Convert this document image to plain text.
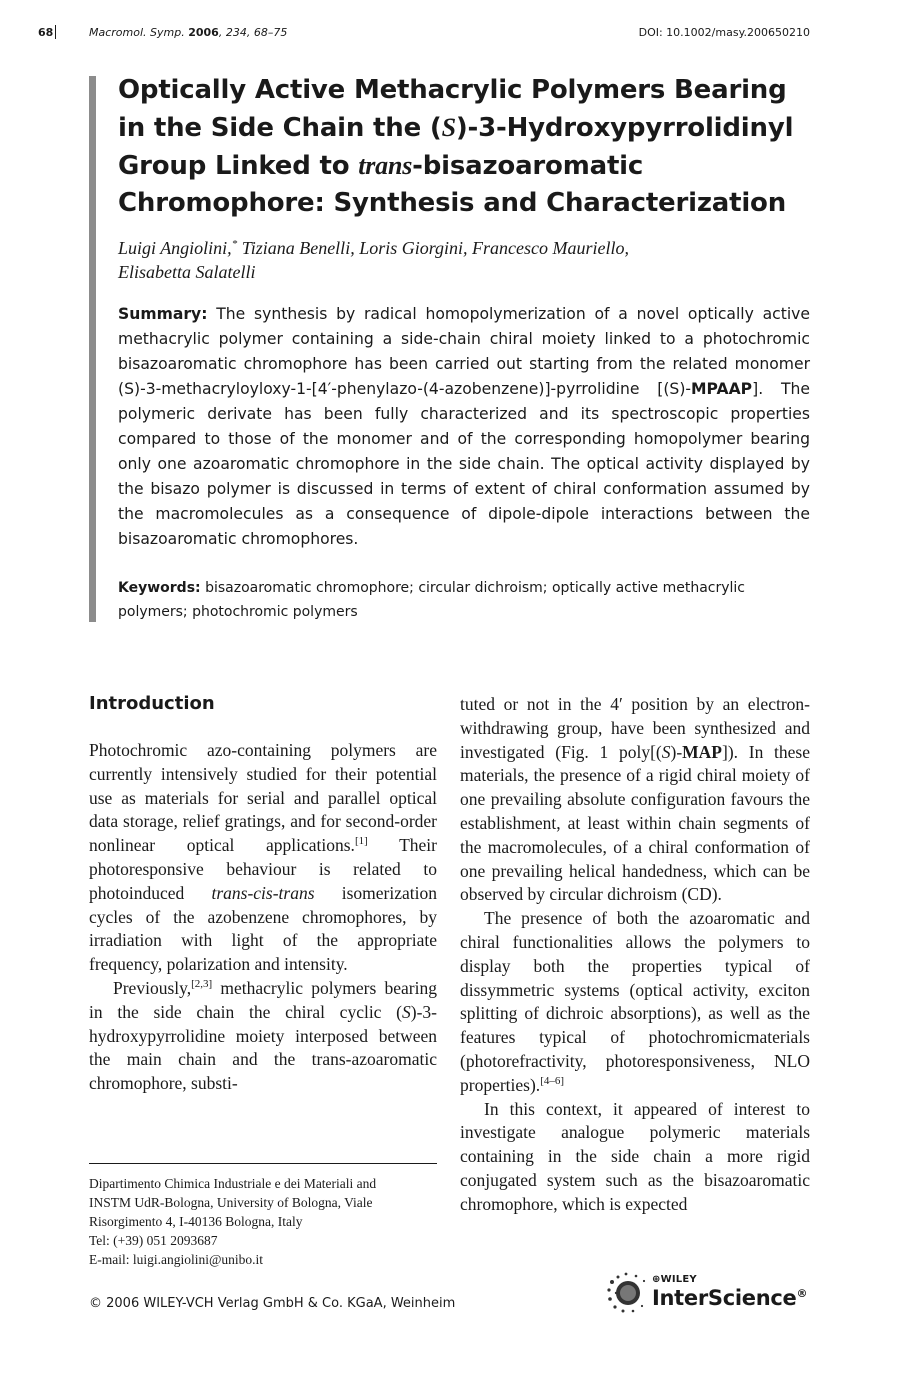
68	Macromol. Symp. 2006, 234, 68–75	DOI: 10.1002/masy.200650210
Optically Active Methacrylic Polymers Bearing in the Side Chain the (S)-3-Hydroxypyrrolidinyl Group Linked to trans-bisazoaromatic Chromophore: Synthesis and Characterization
Luigi Angiolini,* Tiziana Benelli, Loris Giorgini, Francesco Mauriello,
Elisabetta Salatelli

Summary: The synthesis by radical homopolymerization of a novel optically active methacrylic polymer containing a side-chain chiral moiety linked to a photochromic bisazoaromatic chromophore has been carried out starting from the related monomer (S)-3-methacryloyloxy-1-[4′-phenylazo-(4-azobenzene)]-pyrrolidine [(S)-MPAAP]. The polymeric derivate has been fully characterized and its spectroscopic properties compared to those of the monomer and of the corresponding homopolymer bearing only one azoaromatic chromophore in the side chain. The optical activity displayed by the bisazo polymer is discussed in terms of extent of chiral conformation assumed by the macromolecules as a consequence of dipole-dipole interactions between the bisazoaromatic chromophores.

Keywords: bisazoaromatic chromophore; circular dichroism; optically active methacrylic polymers; photochromic polymers

Introduction

Photochromic azo-containing polymers are currently intensively studied for their potential use as materials for serial and parallel optical data storage, relief gratings, and for second-order nonlinear optical applications.[1] Their photoresponsive behaviour is related to photoinduced trans-cis-trans isomerization cycles of the azobenzene chromophores, by irradiation with light of the appropriate frequency, polarization and intensity.

Previously,[2,3] methacrylic polymers bearing in the side chain the chiral cyclic (S)-3-hydroxypyrrolidine moiety interposed between the main chain and the trans-azoaromatic chromophore, substi-

tuted or not in the 4′ position by an electron-withdrawing group, have been synthesized and investigated (Fig. 1 poly[(S)-MAP]). In these materials, the presence of a rigid chiral moiety of one prevailing absolute configuration favours the establishment, at least within chain segments of the macromolecules, of a chiral conformation of one prevailing helical handedness, which can be observed by circular dichroism (CD).

The presence of both the azoaromatic and chiral functionalities allows the polymers to display both the properties typical of dissymmetric systems (optical activity, exciton splitting of dichroic absorptions), as well as the features typical of photochromicmaterials (photorefractivity, photoresponsiveness, NLO properties).[4–6]

In this context, it appeared of interest to investigate analogue polymeric materials containing in the side chain a more rigid conjugated system such as the bisazoaromatic chromophore, which is expected

Dipartimento Chimica Industriale e dei Materiali and
INSTM UdR-Bologna, University of Bologna, Viale
Risorgimento 4, I-40136 Bologna, Italy
Tel: (+39) 051 2093687
E-mail: luigi.angiolini@unibo.it
© 2006 WILEY-VCH Verlag GmbH & Co. KGaA, Weinheim
⊕WILEY
InterScience®
